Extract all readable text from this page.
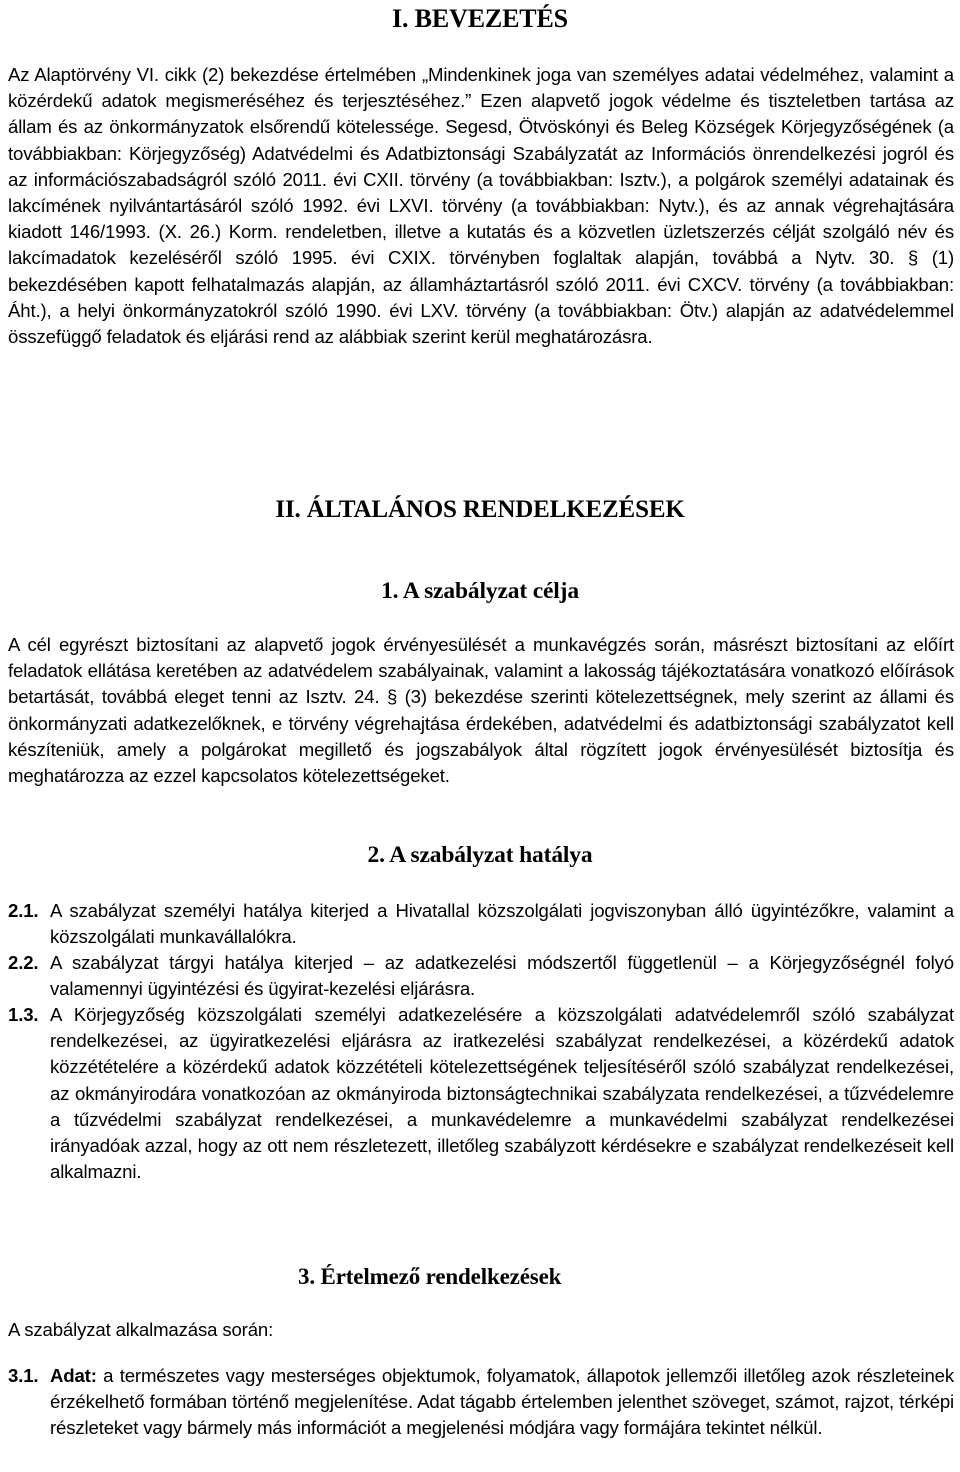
I. BEVEZETÉS

Az Alaptörvény VI. cikk (2) bekezdése értelmében „Mindenkinek joga van személyes adatai védelméhez, valamint a közérdekű adatok megismeréséhez és terjesztéséhez.” Ezen alapvető jogok védelme és tiszteletben tartása az állam és az önkormányzatok elsőrendű kötelessége. Segesd, Ötvöskónyi és Beleg Községek Körjegyzőségének (a továbbiakban: Körjegyzőség) Adatvédelmi és Adatbiztonsági Szabályzatát az Információs önrendelkezési jogról és az információszabadságról szóló 2011. évi CXII. törvény (a továbbiakban: Isztv.), a polgárok személyi adatainak és lakcímének nyilvántartásáról szóló 1992. évi LXVI. törvény (a továbbiakban: Nytv.), és az annak végrehajtására kiadott 146/1993. (X. 26.) Korm. rendeletben, illetve a kutatás és a közvetlen üzletszerzés célját szolgáló név és lakcímadatok kezeléséről szóló 1995. évi CXIX. törvényben foglaltak alapján, továbbá a Nytv. 30. § (1) bekezdésében kapott felhatalmazás alapján, az államháztartásról szóló 2011. évi CXCV. törvény (a továbbiakban: Áht.), a helyi önkormányzatokról szóló 1990. évi LXV. törvény (a továbbiakban: Ötv.) alapján az adatvédelemmel összefüggő feladatok és eljárási rend az alábbiak szerint kerül meghatározásra.

II. ÁLTALÁNOS RENDELKEZÉSEK
1. A szabályzat célja

A cél egyrészt biztosítani az alapvető jogok érvényesülését a munkavégzés során, másrészt biztosítani az előírt feladatok ellátása keretében az adatvédelem szabályainak, valamint a lakosság tájékoztatására vonatkozó előírások betartását, továbbá eleget tenni az Isztv. 24. § (3) bekezdése szerinti kötelezettségnek, mely szerint az állami és önkormányzati adatkezelőknek, e törvény végrehajtása érdekében, adatvédelmi és adatbiztonsági szabályzatot kell készíteniük, amely a polgárokat megillető és jogszabályok által rögzített jogok érvényesülését biztosítja és meghatározza az ezzel kapcsolatos kötelezettségeket.

2. A szabályzat hatálya
2.1. A szabályzat személyi hatálya kiterjed a Hivatallal közszolgálati jogviszonyban álló ügyintézőkre, valamint a közszolgálati munkavállalókra.
2.2. A szabályzat tárgyi hatálya kiterjed – az adatkezelési módszertől függetlenül – a Körjegyzőségnél folyó valamennyi ügyintézési és ügyirat-kezelési eljárásra.
1.3. A Körjegyzőség közszolgálati személyi adatkezelésére a közszolgálati adatvédelemről szóló szabályzat rendelkezései, az ügyiratkezelési eljárásra az iratkezelési szabályzat rendelkezései, a közérdekű adatok közzétételére a közérdekű adatok közzétételi kötelezettségének teljesítéséről szóló szabályzat rendelkezései, az okmányirodára vonatkozóan az okmányiroda biztonságtechnikai szabályzata rendelkezései, a tűzvédelemre a tűzvédelmi szabályzat rendelkezései, a munkavédelemre a munkavédelmi szabályzat rendelkezései irányadóak azzal, hogy az ott nem részletezett, illetőleg szabályzott kérdésekre e szabályzat rendelkezéseit kell alkalmazni.
3. Értelmező rendelkezések

A szabályzat alkalmazása során:

3.1. Adat: a természetes vagy mesterséges objektumok, folyamatok, állapotok jellemzői illetőleg azok részleteinek érzékelhető formában történő megjelenítése. Adat tágabb értelemben jelenthet szöveget, számot, rajzot, térképi részleteket vagy bármely más információt a megjelenési módjára vagy formájára tekintet nélkül.
